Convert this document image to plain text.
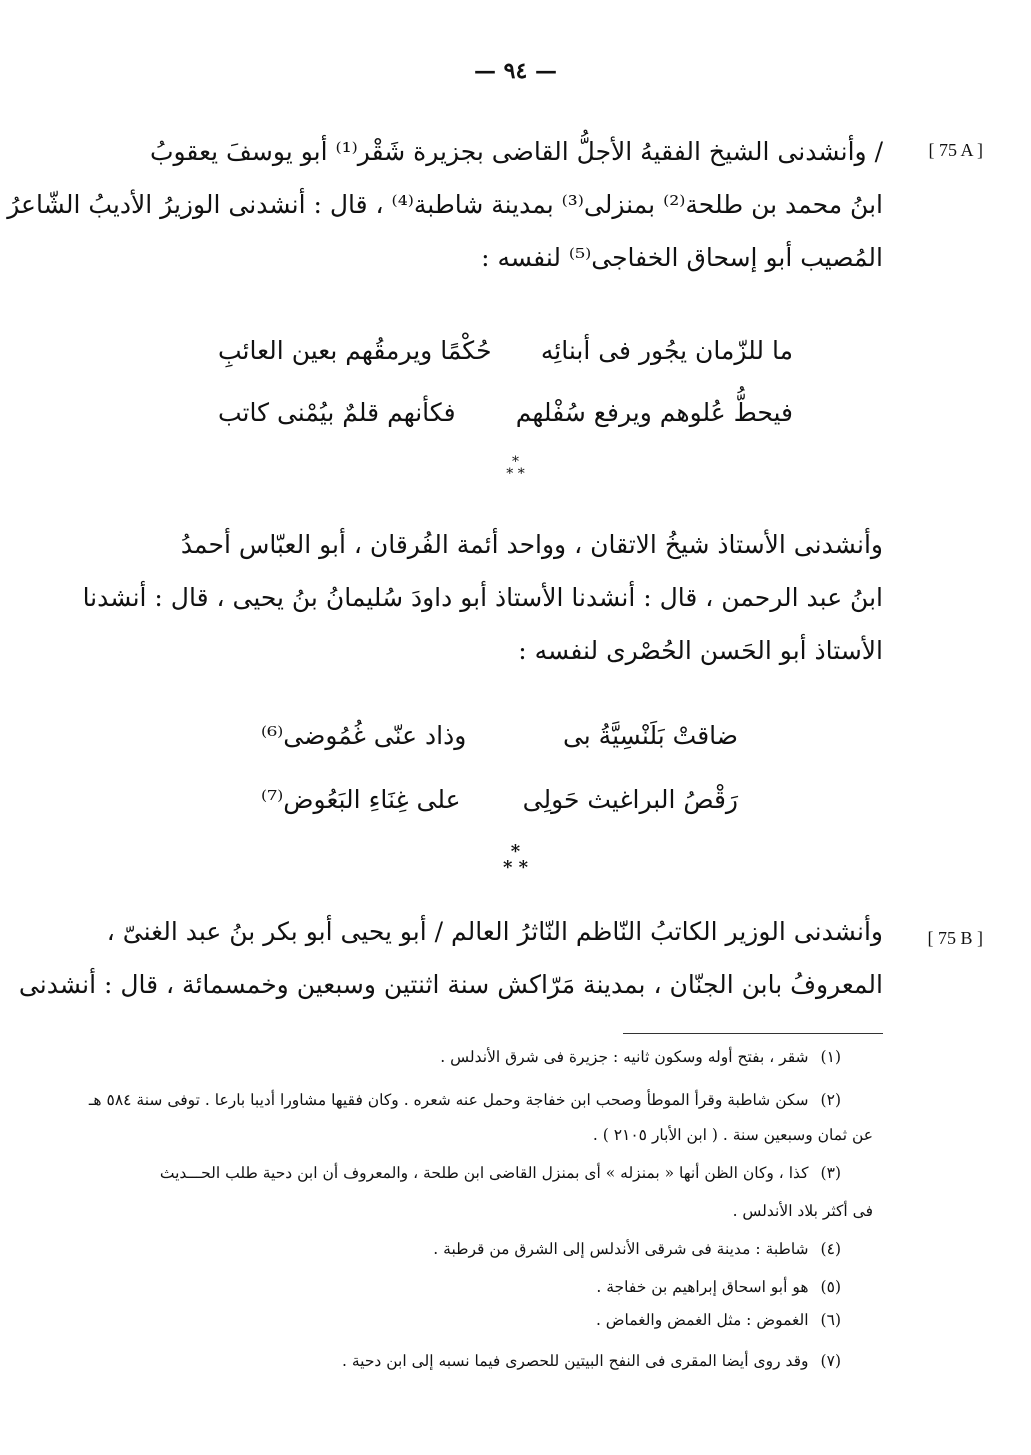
— ٩٤ —
[ 75 A ]
[ 75 B ]
/ وأنشدنى الشيخ الفقيهُ الأجلُّ القاضى بجزيرة شَقْر⁽¹⁾ أبو يوسفَ يعقوبُ
ابنُ محمد بن طلحة⁽²⁾ بمنزلى⁽³⁾ بمدينة شاطبة⁽⁴⁾ ، قال : أنشدنى الوزيرُ الأديبُ الشّاعرُ
المُصيب أبو إسحاق الخفاجى⁽⁵⁾ لنفسه :
ما للزّمان يجُور فى أبنائِه
حُكْمًا ويرمقُهم بعين العائبِ
فيحطُّ عُلوهم ويرفع سُفْلهم
فكأنهم قلمٌ بيُمْنى كاتب
*
* *
وأنشدنى الأستاذ شيخُ الاتقان ، وواحد أئمة الفُرقان ، أبو العبّاس أحمدُ
ابنُ عبد الرحمن ، قال : أنشدنا الأستاذ أبو داودَ سُليمانُ بنُ يحيى ، قال : أنشدنا
الأستاذ أبو الحَسن الحُصْرى لنفسه :
ضاقتْ بَلَنْسِيَّةُ بى
وذاد عنّى غُمُوضى⁽⁶⁾
رَقْصُ البراغيث حَولِى
على غِنَاءِ البَعُوض⁽⁷⁾
*
* *
وأنشدنى الوزير الكاتبُ النّاظم النّاثرُ العالم / أبو يحيى أبو بكر بنُ عبد الغنىّ ،
المعروفُ بابن الجنّان ، بمدينة مَرّاكش سنة اثنتين وسبعين وخمسمائة ، قال : أنشدنى
(١)شقر ، بفتح أوله وسكون ثانيه : جزيرة فى شرق الأندلس .
(٢)سكن شاطبة وقرأ الموطأ وصحب ابن خفاجة وحمل عنه شعره . وكان فقيها مشاورا أديبا بارعا . توفى سنة ٥٨٤ هـ
عن ثمان وسبعين سنة . ( ابن الأبار ٢١٠٥ ) .
(٣)كذا ، وكان الظن أنها « بمنزله » أى بمنزل القاضى ابن طلحة ، والمعروف أن ابن دحية طلب الحـــديث
فى أكثر بلاد الأندلس .
(٤)شاطبة : مدينة فى شرقى الأندلس إلى الشرق من قرطبة .
(٥)هو أبو اسحاق إبراهيم بن خفاجة .
(٦)الغموض : مثل الغمض والغماض .
(٧)وقد روى أيضا المقرى فى النفح البيتين للحصرى فيما نسبه إلى ابن دحية .
